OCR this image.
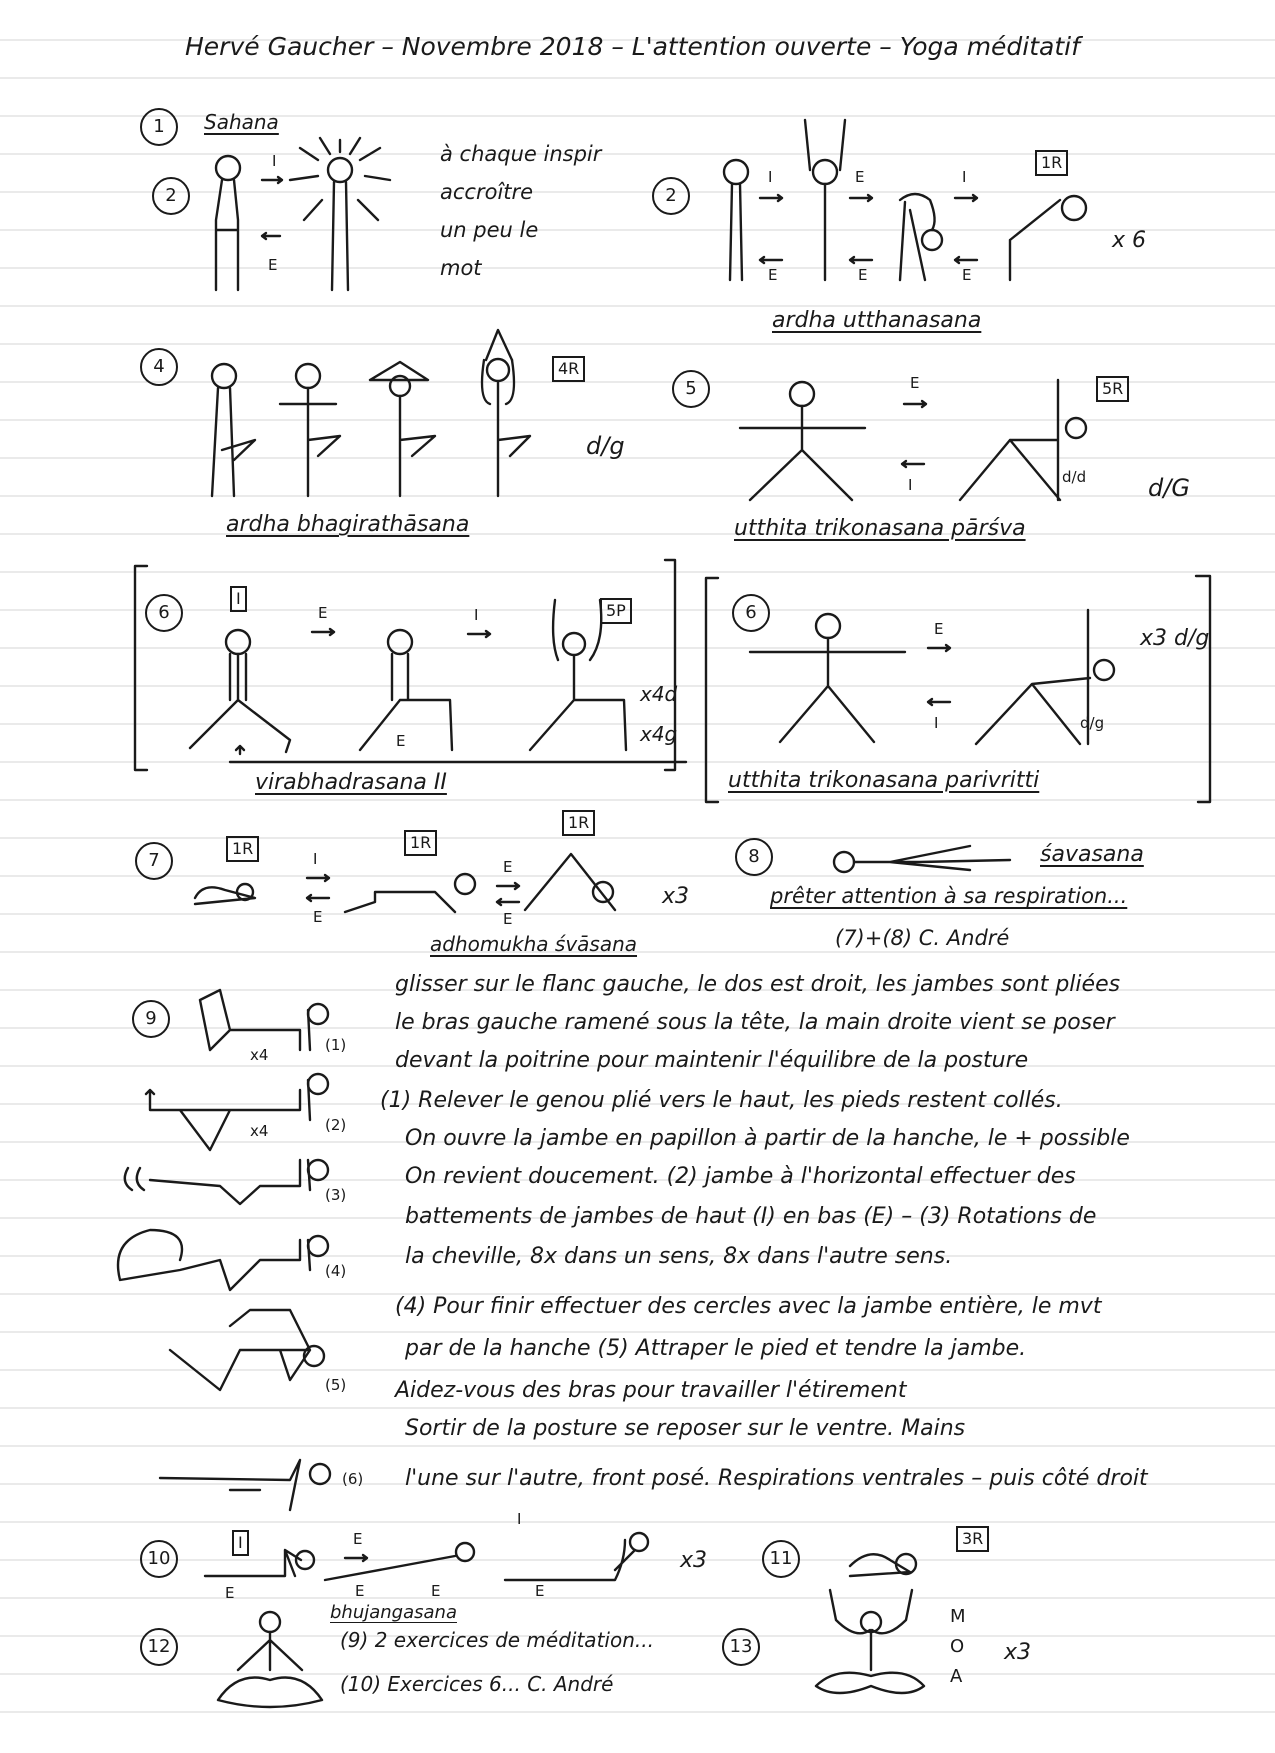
Hervé Gaucher – Novembre 2018 – L'attention ouverte – Yoga méditatif
1	Sahana
2
I
E
à chaque inspir
accroître
un peu le
mot
2
I	E	I
E	E	E
1R
x 6
ardha utthanasana
4	4R
d/g
ardha bhagirathāsana
5	E
I	d/d
5R
d/G
utthita trikonasana pārśva
6
I
5P
E	I
E
x4d
x4g
virabhadrasana II
6
x3 d/g
E
I	d/g
utthita trikonasana parivritti
7
1R	1R
1R
I
E
E
E
x3
adhomukha śvāsana
8	śavasana
prêter attention à sa respiration...
(7)+(8) C. André
9
x4
(1)
x4	(2)
(3)
(4)
(5)
(6)
glisser sur le flanc gauche, le dos est droit, les jambes sont pliées
le bras gauche ramené sous la tête, la main droite vient se poser
devant la poitrine pour maintenir l'équilibre de la posture
(1) Relever le genou plié vers le haut, les pieds restent collés.
On ouvre la jambe en papillon à partir de la hanche, le + possible
On revient doucement. (2) jambe à l'horizontal effectuer des
battements de jambes de haut (I) en bas (E) – (3) Rotations de
la cheville, 8x dans un sens, 8x dans l'autre sens.
(4) Pour finir effectuer des cercles avec la jambe entière, le mvt
par de la hanche (5) Attraper le pied et tendre la jambe.
Aidez-vous des bras pour travailler l'étirement
Sortir de la posture se reposer sur le ventre. Mains
l'une sur l'autre, front posé. Respirations ventrales – puis côté droit
10
I
E	E	E	E
E
I
x3
bhujangasana
11
3R
12	(9) 2 exercices de méditation...
(10) Exercices 6... C. André
13
M
O
A
x3
